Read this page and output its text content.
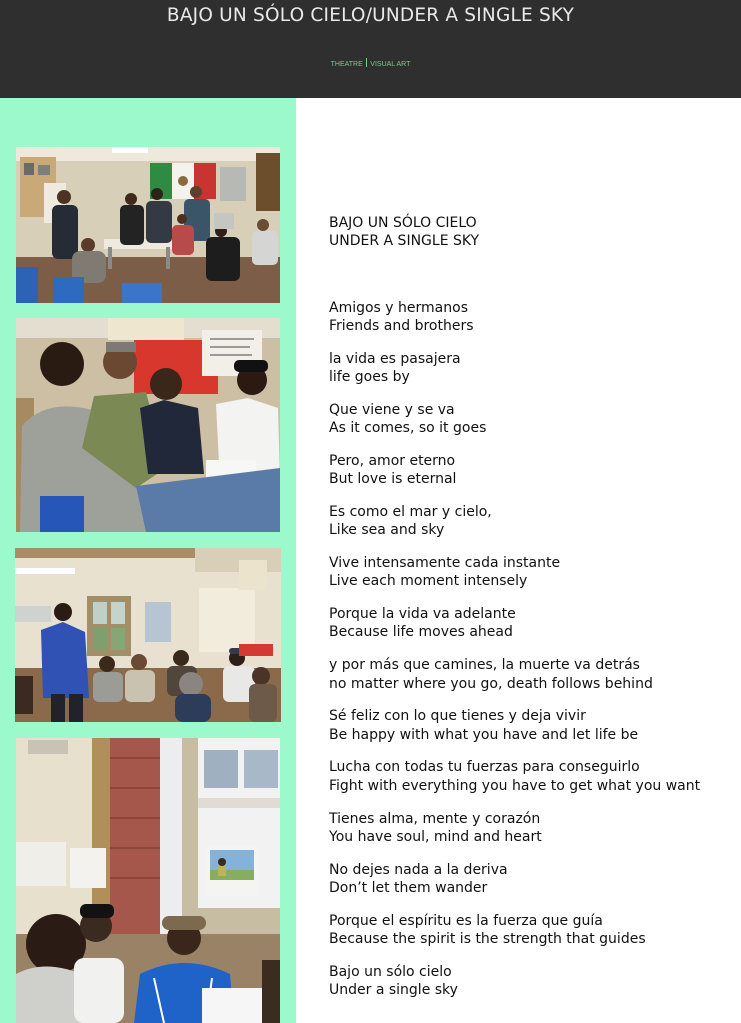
BAJO UN SÓLO CIELO/UNDER A SINGLE SKY
THEATRE VISUAL ART
BAJO UN SÓLO CIELO
UNDER A SINGLE SKY
Amigos y hermanos
Friends and brothers
la vida es pasajera
life goes by
Que viene y se va
As it comes, so it goes
Pero, amor eterno
But love is eternal
Es como el mar y cielo,
Like sea and sky
Vive intensamente cada instante
Live each moment intensely
Porque la vida va adelante
Because life moves ahead
y por más que camines, la muerte va detrás
no matter where you go, death follows behind
Sé feliz con lo que tienes y deja vivir
Be happy with what you have and let life be
Lucha con todas tu fuerzas para conseguirlo
Fight with everything you have to get what you want
Tienes alma, mente y corazón
You have soul, mind and heart
No dejes nada a la deriva
Don’t let them wander
Porque el espíritu es la fuerza que guía
Because the spirit is the strength that guides
Bajo un sólo cielo
Under a single sky
